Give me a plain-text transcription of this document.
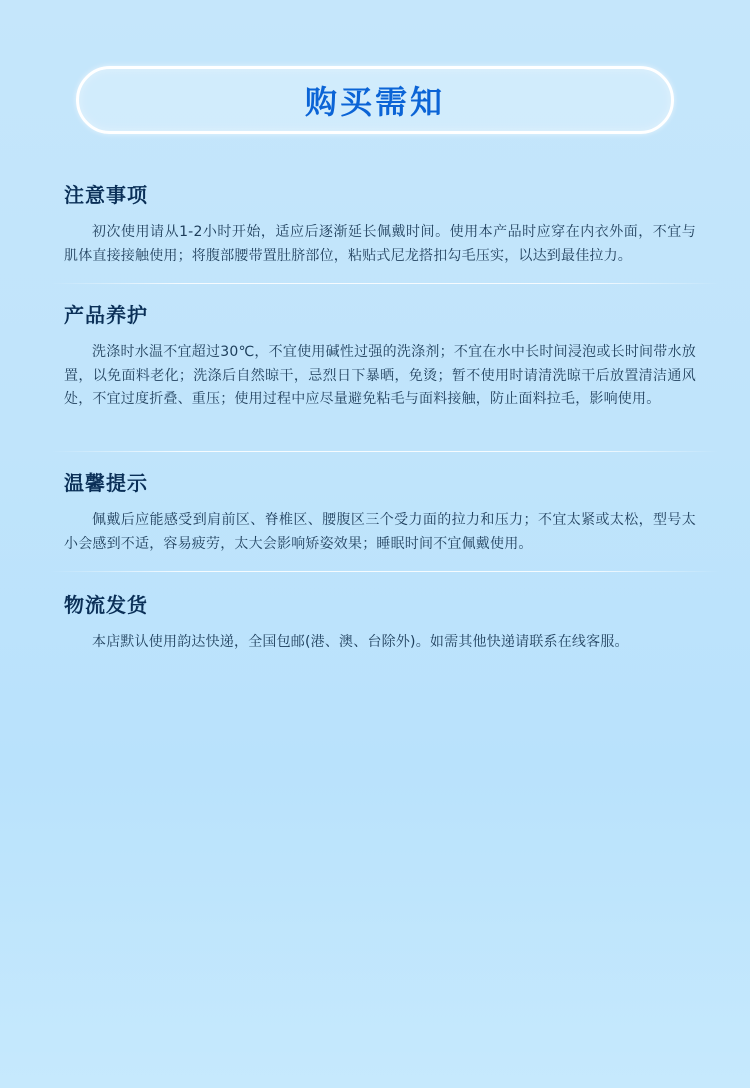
购买需知
注意事项

初次使用请从1-2小时开始，适应后逐渐延长佩戴时间。使用本产品时应穿在内衣外面，不宜与肌体直接接触使用；将腹部腰带置肚脐部位，粘贴式尼龙搭扣勾毛压实，以达到最佳拉力。

产品养护

洗涤时水温不宜超过30℃，不宜使用碱性过强的洗涤剂；不宜在水中长时间浸泡或长时间带水放置，以免面料老化；洗涤后自然晾干，忌烈日下暴晒，免烫；暂不使用时请清洗晾干后放置清洁通风处，不宜过度折叠、重压；使用过程中应尽量避免粘毛与面料接触，防止面料拉毛，影响使用。

温馨提示

佩戴后应能感受到肩前区、脊椎区、腰腹区三个受力面的拉力和压力；不宜太紧或太松，型号太小会感到不适，容易疲劳，太大会影响矫姿效果；睡眠时间不宜佩戴使用。

物流发货

本店默认使用韵达快递，全国包邮(港、澳、台除外)。如需其他快递请联系在线客服。
